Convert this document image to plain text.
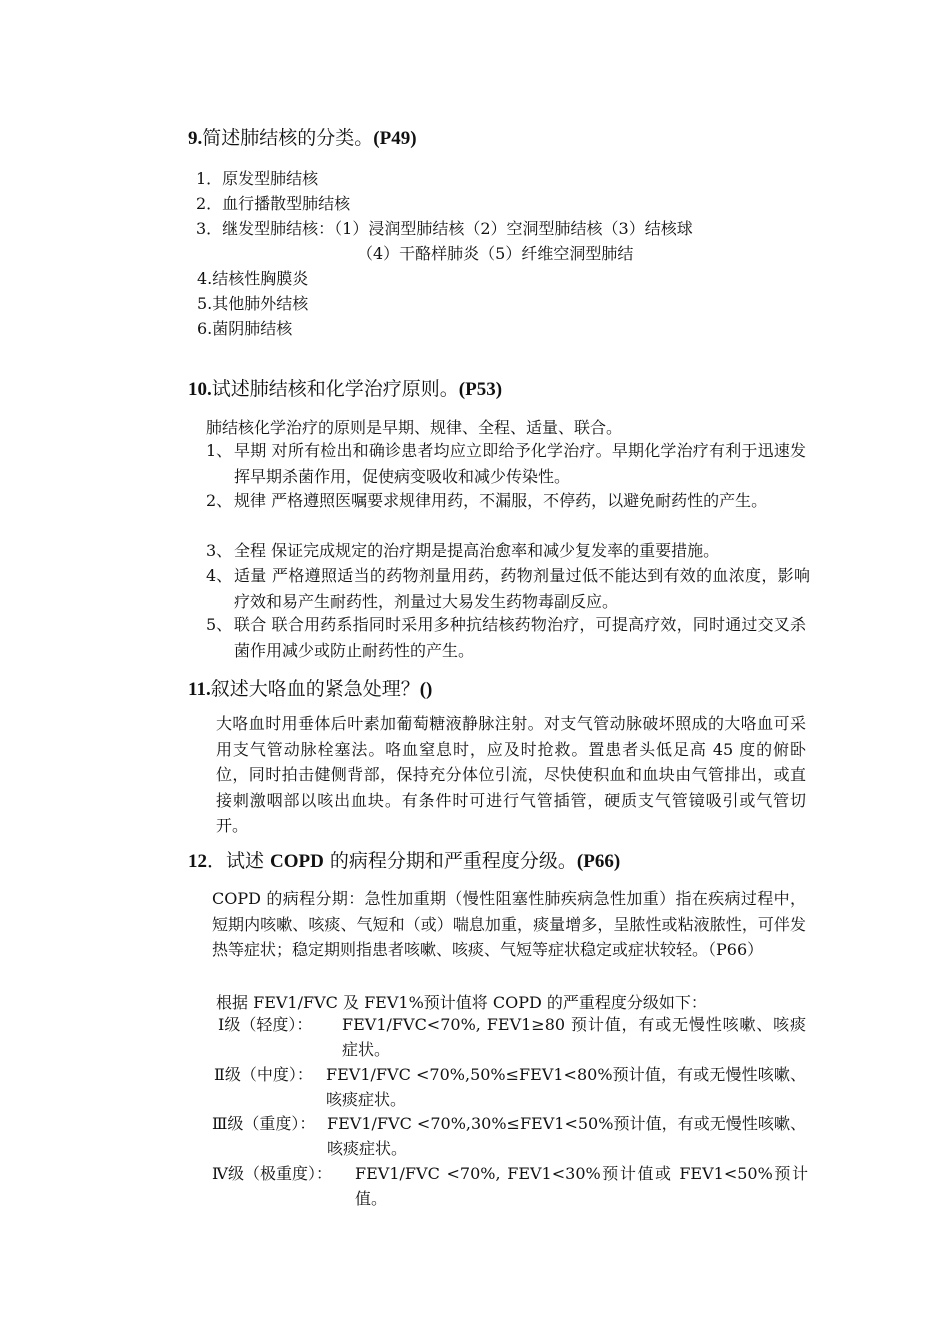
9.简述肺结核的分类。(P49)
1．原发型肺结核
2．血行播散型肺结核
3．继发型肺结核：（1）浸润型肺结核（2）空洞型肺结核（3）结核球
（4）干酪样肺炎（5）纤维空洞型肺结
4.结核性胸膜炎
5.其他肺外结核
6.菌阴肺结核
10.试述肺结核和化学治疗原则。(P53)
肺结核化学治疗的原则是早期、规律、全程、适量、联合。
1、 早期 对所有检出和确诊患者均应立即给予化学治疗。早期化学治疗有利于迅速发挥早期杀菌作用，促使病变吸收和减少传染性。
2、 规律 严格遵照医嘱要求规律用药，不漏服，不停药，以避免耐药性的产生。
3、 全程 保证完成规定的治疗期是提高治愈率和减少复发率的重要措施。
4、 适量 严格遵照适当的药物剂量用药，药物剂量过低不能达到有效的血浓度，影响疗效和易产生耐药性，剂量过大易发生药物毒副反应。
5、 联合 联合用药系指同时采用多种抗结核药物治疗，可提高疗效，同时通过交叉杀菌作用减少或防止耐药性的产生。
11.叙述大咯血的紧急处理？()
大咯血时用垂体后叶素加葡萄糖液静脉注射。对支气管动脉破坏照成的大咯血可采用支气管动脉栓塞法。咯血窒息时，应及时抢救。置患者头低足高 45 度的俯卧位，同时拍击健侧背部，保持充分体位引流，尽快使积血和血块由气管排出，或直接刺激咽部以咳出血块。有条件时可进行气管插管，硬质支气管镜吸引或气管切开。
12．试述 COPD 的病程分期和严重程度分级。(P66)
COPD 的病程分期：急性加重期（慢性阻塞性肺疾病急性加重）指在疾病过程中，短期内咳嗽、咳痰、气短和（或）喘息加重，痰量增多，呈脓性或粘液脓性，可伴发热等症状；稳定期则指患者咳嗽、咳痰、气短等症状稳定或症状较轻。（P66）
根据 FEV1/FVC 及 FEV1%预计值将 COPD 的严重程度分级如下：
Ⅰ级（轻度）：	FEV1/FVC<70%, FEV1≥80 预计值，有或无慢性咳嗽、咳痰症状。
Ⅱ级（中度）： FEV1/FVC <70%,50%≤FEV1<80%预计值，有或无慢性咳嗽、咳痰症状。
Ⅲ级（重度）： FEV1/FVC <70%,30%≤FEV1<50%预计值，有或无慢性咳嗽、咳痰症状。
Ⅳ级（极重度）：	FEV1/FVC <70%, FEV1<30%预计值或 FEV1<50%预计值。
